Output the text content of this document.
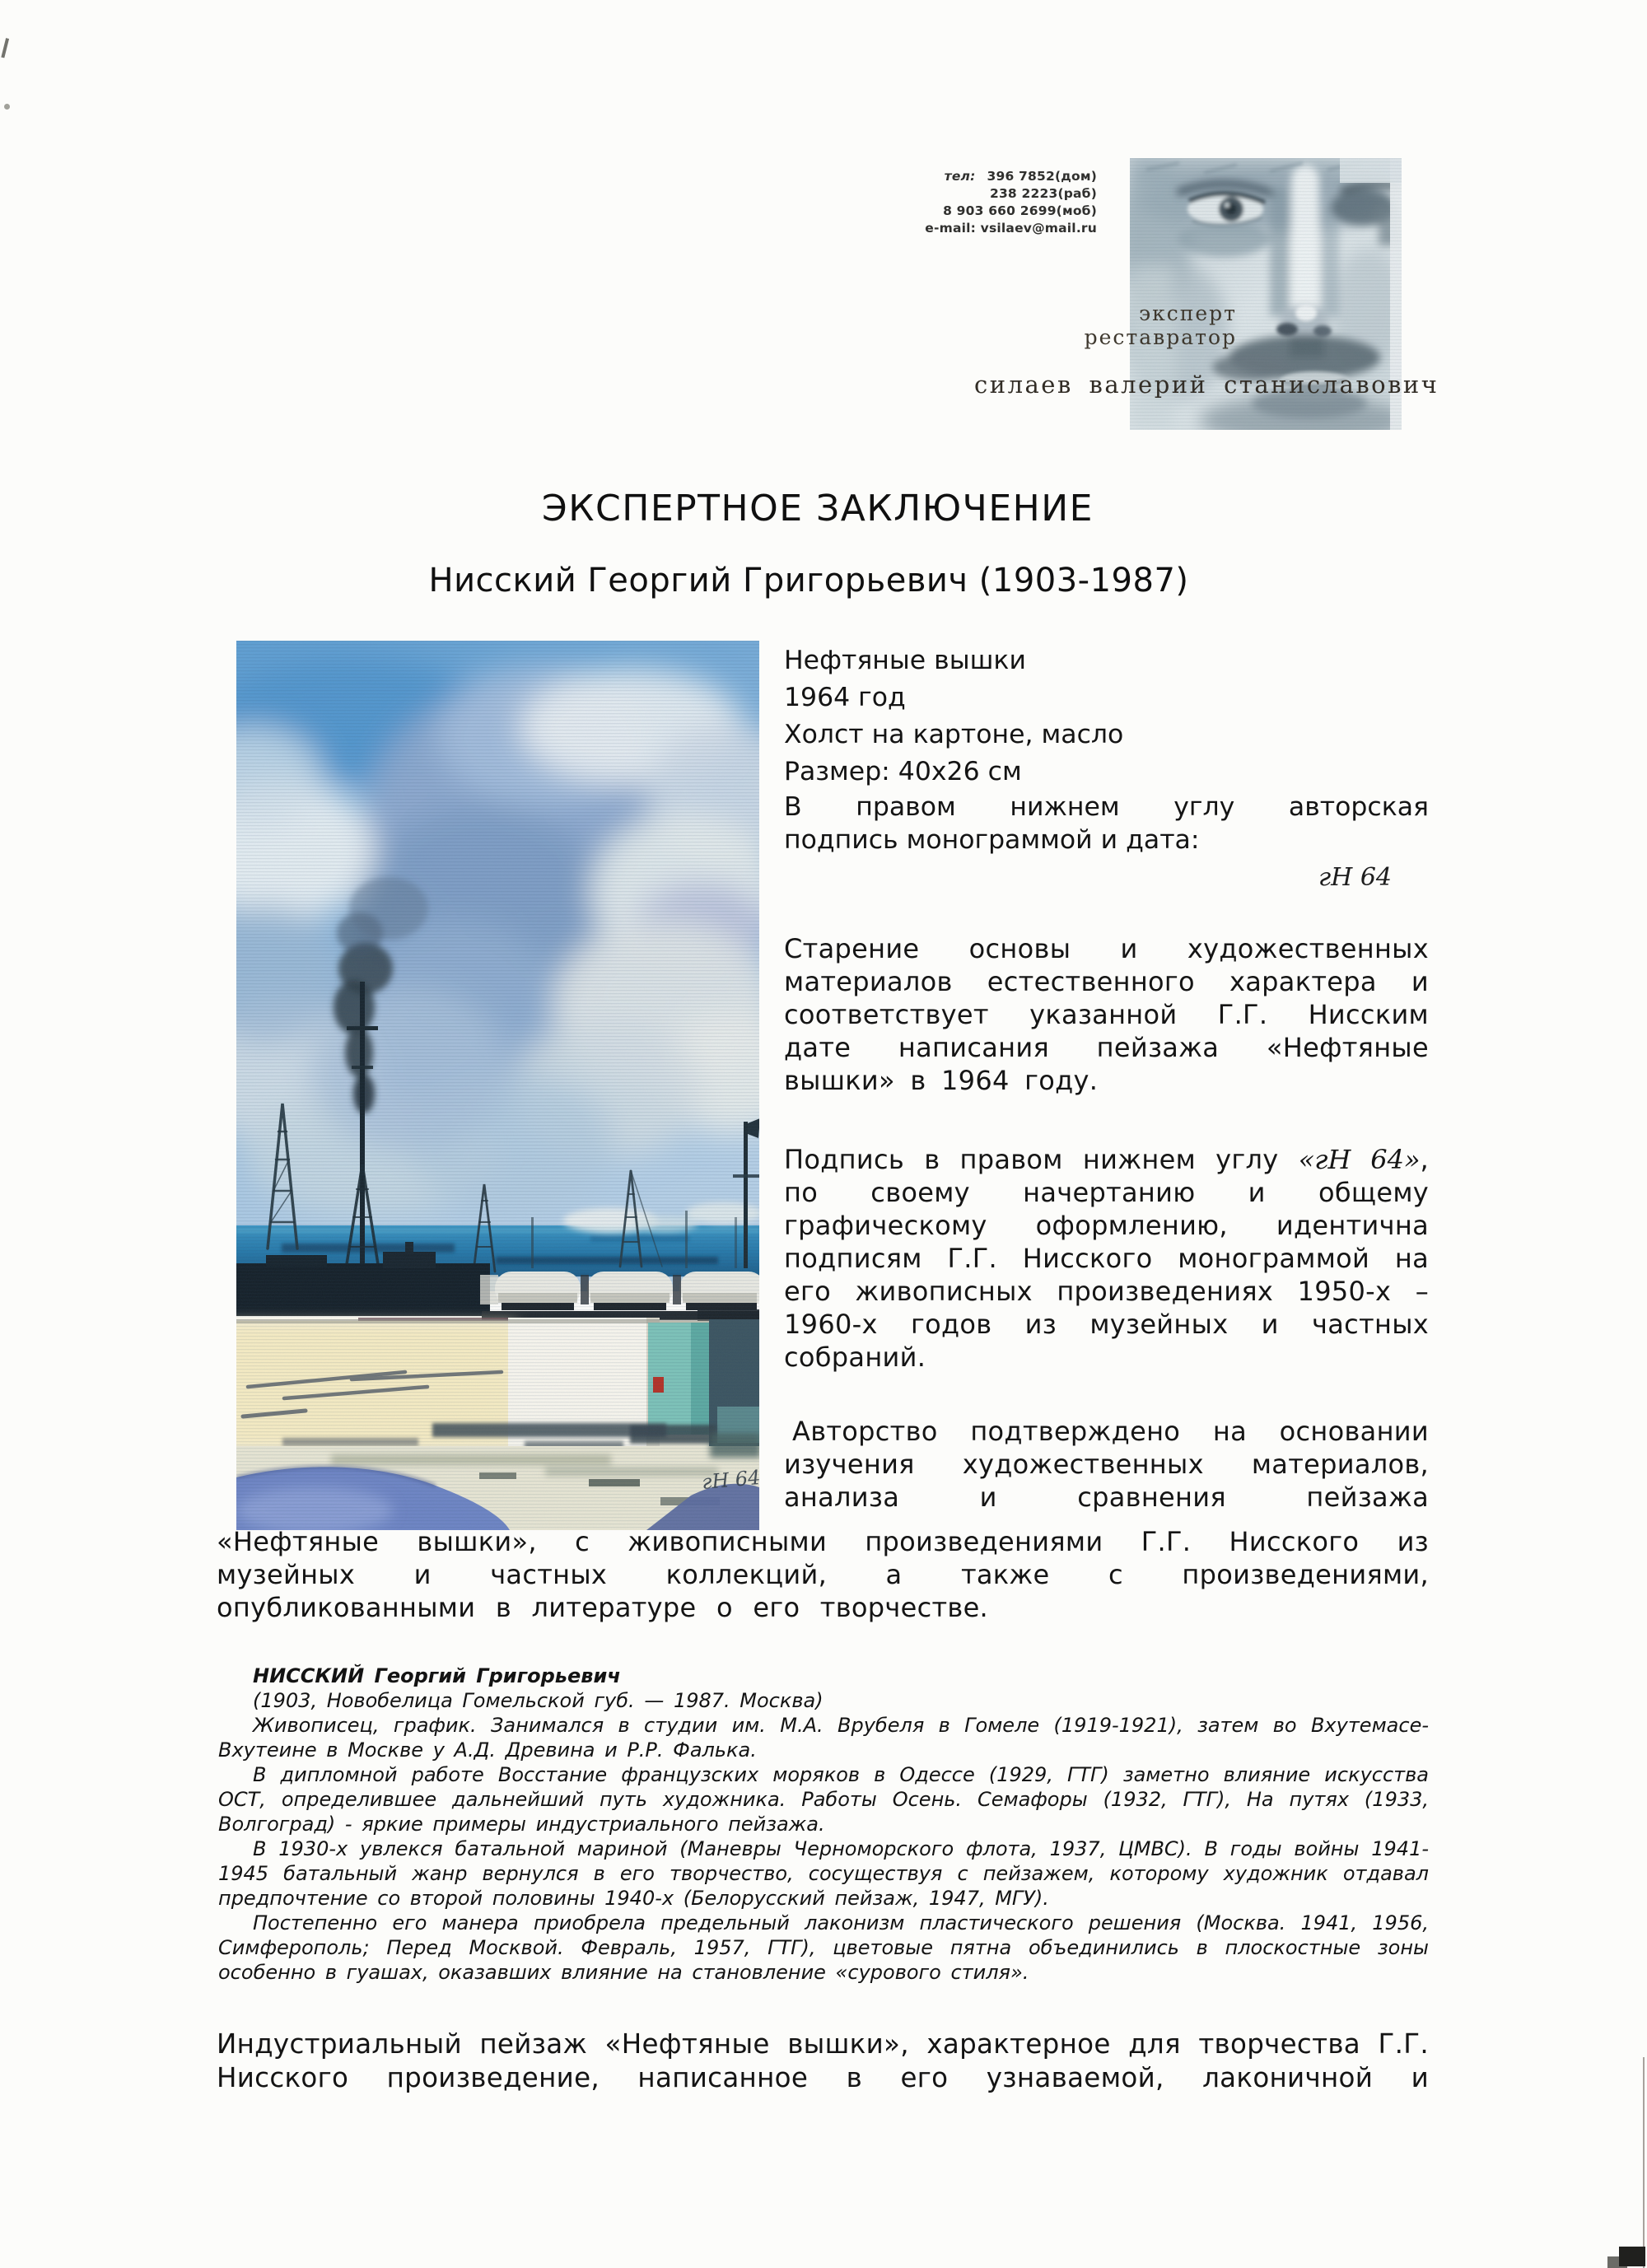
тел: 396 7852(дом)
238 2223(раб)
8 903 660 2699(моб)
e-mail: vsilaev@mail.ru
эксперт реставратор
силаев валерий станиславович
ЭКСПЕРТНОЕ ЗАКЛЮЧЕНИЕ
Нисский Георгий Григорьевич (1903-1987)
Нефтяные вышки
1964 год
Холст на картоне, масло
Размер: 40x26 см
В правом нижнем углу авторская
подпись монограммой и дата:
гН 64

Старение основы и художественных материалов естественного характера и соответствует указанной Г.Г. Нисским дате написания пейзажа «Нефтяные вышки» в 1964 году.

Подпись в правом нижнем углу «гН 64», по своему начертанию и общему графическому оформлению, идентична подписям Г.Г. Нисского монограммой на его живописных произведениях 1950-х – 1960-х годов из музейных и частных собраний.

Авторство подтверждено на основании изучения художественных материалов, анализа и сравнения пейзажа

«Нефтяные вышки», с живописными произведениями Г.Г. Нисского из музейных и частных коллекций, а также с произведениями, опубликованными в литературе о его творчестве.

НИССКИЙ Георгий Григорьевич
(1903, Новобелица Гомельской губ. — 1987. Москва)

Живописец, график. Занимался в студии им. М.А. Врубеля в Гомеле (1919-1921), затем во Вхутемасе-Вхутеине в Москве у А.Д. Древина и Р.Р. Фалька.

В дипломной работе Восстание французских моряков в Одессе (1929, ГТГ) заметно влияние искусства ОСТ, определившее дальнейший путь художника. Работы Осень. Семафоры (1932, ГТГ), На путях (1933, Волгоград) - яркие примеры индустриального пейзажа.

В 1930-х увлекся батальной мариной (Маневры Черноморского флота, 1937, ЦМВС). В годы войны 1941-1945 батальный жанр вернулся в его творчество, сосуществуя с пейзажем, которому художник отдавал предпочтение со второй половины 1940-х (Белорусский пейзаж, 1947, МГУ).

Постепенно его манера приобрела предельный лаконизм пластического решения (Москва. 1941, 1956, Симферополь; Перед Москвой. Февраль, 1957, ГТГ), цветовые пятна объединились в плоскостные зоны особенно в гуашах, оказавших влияние на становление «сурового стиля».

Индустриальный пейзаж «Нефтяные вышки», характерное для творчества Г.Г. Нисского произведение, написанное в его узнаваемой, лаконичной и
